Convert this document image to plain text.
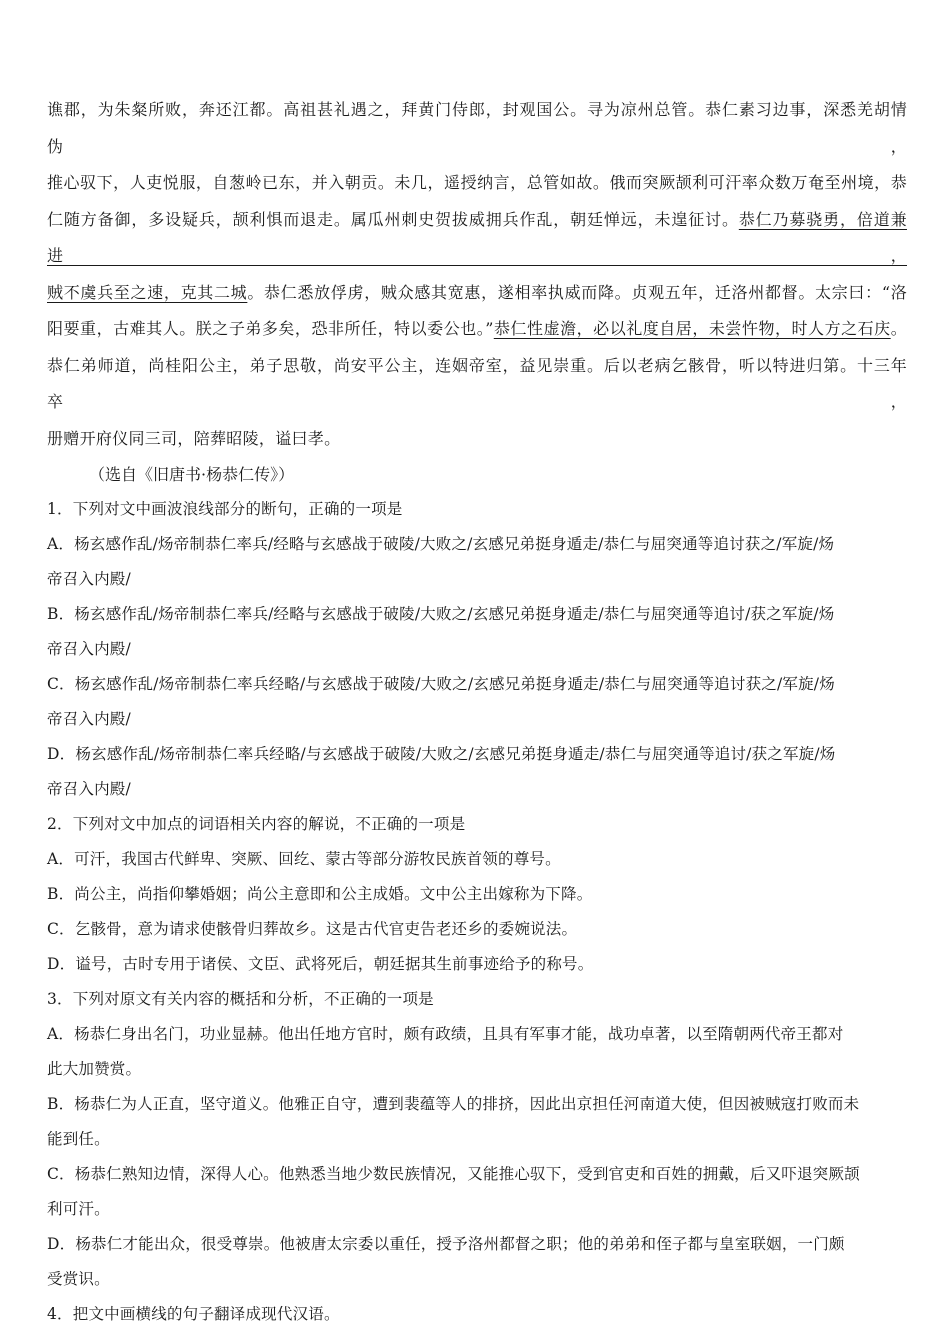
谯郡，为朱粲所败，奔还江都。高祖甚礼遇之，拜黄门侍郎，封观国公。寻为凉州总管。恭仁素习边事，深悉羌胡情伪，

推心驭下，人吏悦服，自葱岭已东，并入朝贡。未几，遥授纳言，总管如故。俄而突厥颉利可汗率众数万奄至州境，恭

仁随方备御，多设疑兵，颉利惧而退走。属瓜州刺史贺拔威拥兵作乱，朝廷惮远，未遑征讨。恭仁乃募骁勇，倍道兼进，

贼不虞兵至之速，克其二城。恭仁悉放俘虏，贼众感其宽惠，遂相率执威而降。贞观五年，迁洛州都督。太宗曰：“洛

阳要重，古难其人。朕之子弟多矣，恐非所任，特以委公也。”恭仁性虚澹，必以礼度自居，未尝忤物，时人方之石庆。

恭仁弟师道，尚桂阳公主，弟子思敬，尚安平公主，连姻帝室，益见崇重。后以老病乞骸骨，听以特进归第。十三年卒，

册赠开府仪同三司，陪葬昭陵，谥曰孝。

（选自《旧唐书·杨恭仁传》）

1．下列对文中画波浪线部分的断句，正确的一项是

A．杨玄感作乱/炀帝制恭仁率兵/经略与玄感战于破陵/大败之/玄感兄弟挺身遁走/恭仁与屈突通等追讨获之/军旋/炀

帝召入内殿/

B．杨玄感作乱/炀帝制恭仁率兵/经略与玄感战于破陵/大败之/玄感兄弟挺身遁走/恭仁与屈突通等追讨/获之军旋/炀

帝召入内殿/

C．杨玄感作乱/炀帝制恭仁率兵经略/与玄感战于破陵/大败之/玄感兄弟挺身遁走/恭仁与屈突通等追讨获之/军旋/炀

帝召入内殿/

D．杨玄感作乱/炀帝制恭仁率兵经略/与玄感战于破陵/大败之/玄感兄弟挺身遁走/恭仁与屈突通等追讨/获之军旋/炀

帝召入内殿/

2．下列对文中加点的词语相关内容的解说，不正确的一项是

A．可汗，我国古代鲜卑、突厥、回纥、蒙古等部分游牧民族首领的尊号。

B．尚公主，尚指仰攀婚姻；尚公主意即和公主成婚。文中公主出嫁称为下降。

C．乞骸骨，意为请求使骸骨归葬故乡。这是古代官吏告老还乡的委婉说法。

D．谥号，古时专用于诸侯、文臣、武将死后，朝廷据其生前事迹给予的称号。

3．下列对原文有关内容的概括和分析，不正确的一项是

A．杨恭仁身出名门，功业显赫。他出任地方官时，颇有政绩，且具有军事才能，战功卓著，以至隋朝两代帝王都对

此大加赞赏。

B．杨恭仁为人正直，坚守道义。他雅正自守，遭到裴蕴等人的排挤，因此出京担任河南道大使，但因被贼寇打败而未

能到任。

C．杨恭仁熟知边情，深得人心。他熟悉当地少数民族情况，又能推心驭下，受到官吏和百姓的拥戴，后又吓退突厥颉

利可汗。

D．杨恭仁才能出众，很受尊崇。他被唐太宗委以重任，授予洛州都督之职；他的弟弟和侄子都与皇室联姻，一门颇

受赏识。

4．把文中画横线的句子翻译成现代汉语。
